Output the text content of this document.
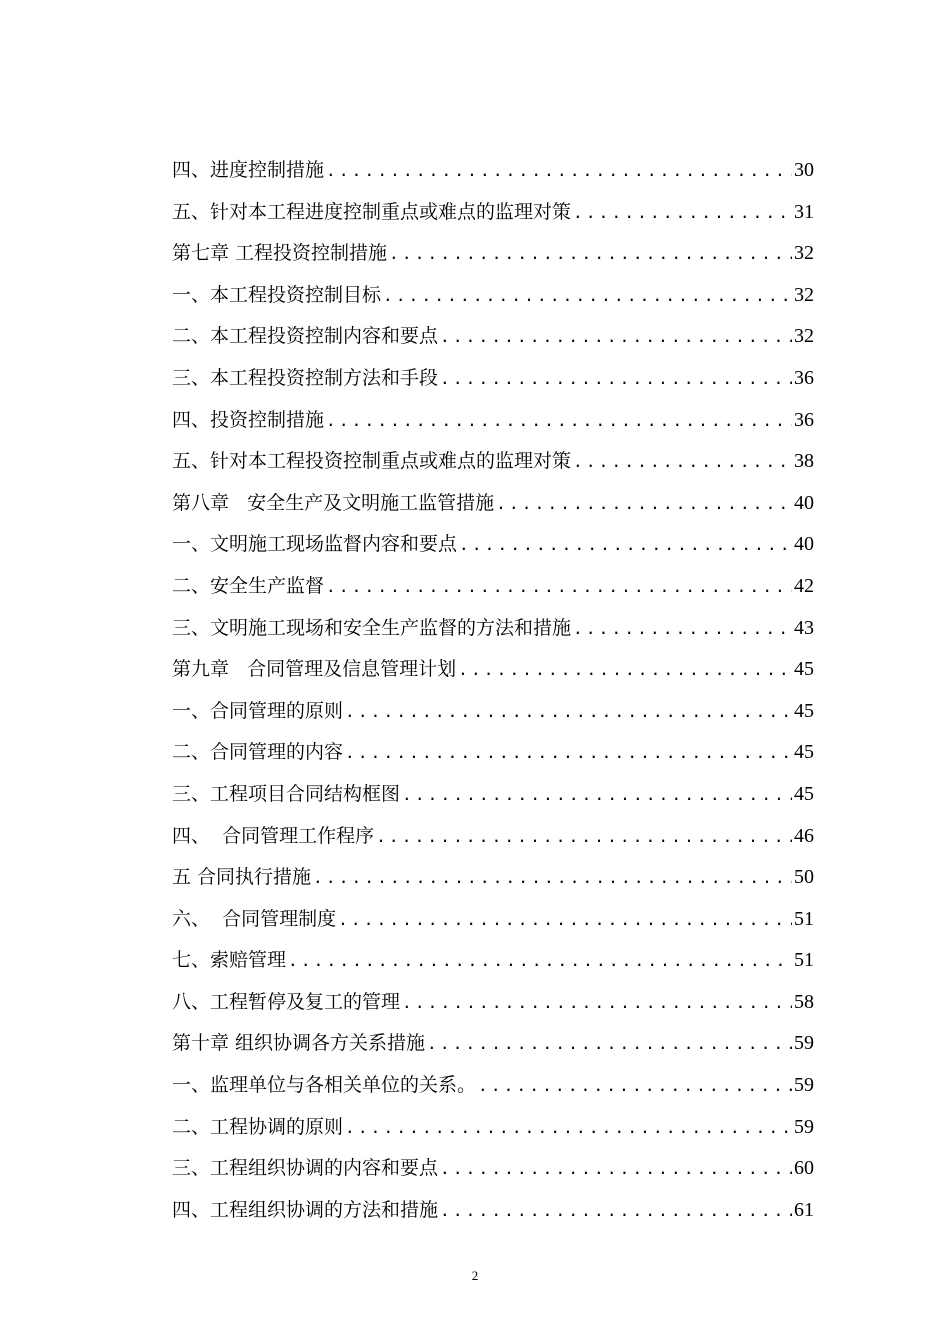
四、进度控制措施 .....	30
五、针对本工程进度控制重点或难点的监理对策 .....	31
第七章 工程投资控制措施 .....	32
一、本工程投资控制目标 .....	32
二、本工程投资控制内容和要点 .....	32
三、本工程投资控制方法和手段 .....	36
四、投资控制措施 .....	36
五、针对本工程投资控制重点或难点的监理对策 .....	38
第八章   安全生产及文明施工监管措施 .....	40
一、文明施工现场监督内容和要点 .....	40
二、安全生产监督 .....	42
三、文明施工现场和安全生产监督的方法和措施 .....	43
第九章   合同管理及信息管理计划 .....	45
一、合同管理的原则 .....	45
二、合同管理的内容 .....	45
三、工程项目合同结构框图 .....	45
四、  合同管理工作程序 .....	46
五 合同执行措施 .....	50
六、  合同管理制度 .....	51
七、索赔管理 .....	51
八、工程暂停及复工的管理 .....	58
第十章 组织协调各方关系措施 .....	59
一、监理单位与各相关单位的关系。 .....	59
二、工程协调的原则 .....	59
三、工程组织协调的内容和要点 .....	60
四、工程组织协调的方法和措施 .....	61
2
